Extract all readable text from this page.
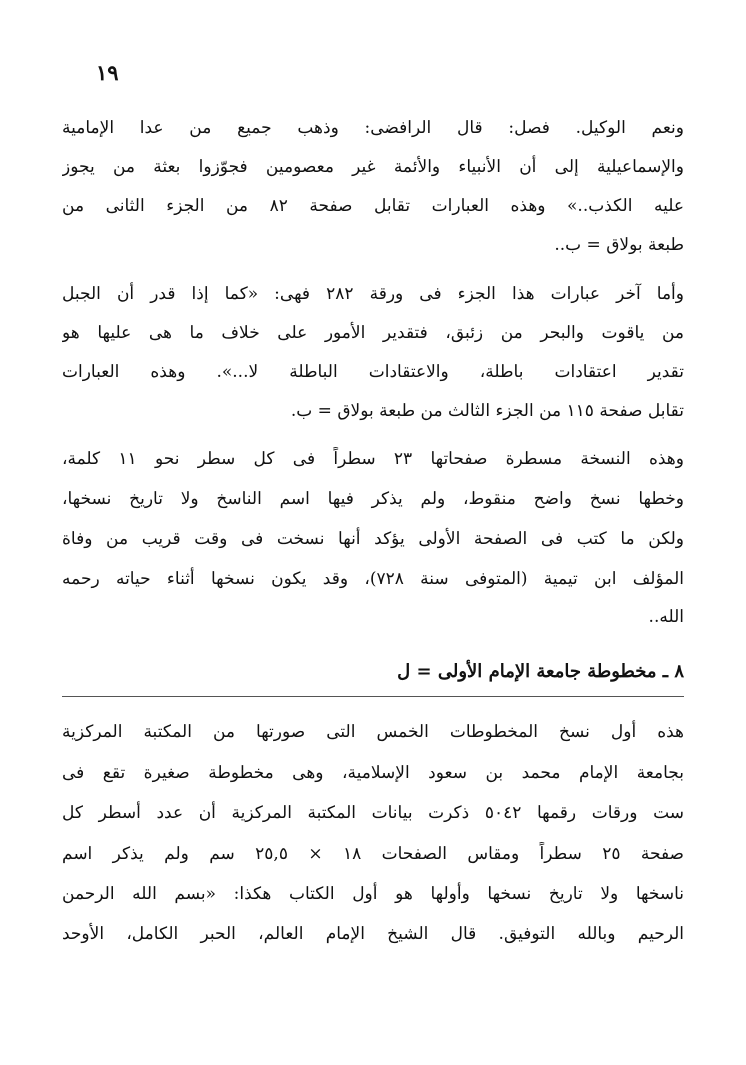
١٩
ونعم الوكيل. فصل: قال الرافضى: وذهب جميع من عدا الإمامية
والإسماعيلية إلى أن الأنبياء والأئمة غير معصومين فجوّزوا بعثة من يجوز
عليه الكذب..» وهذه العبارات تقابل صفحة ٨٢ من الجزء الثانى من
طبعة بولاق = ب..
وأما آخر عبارات هذا الجزء فى ورقة ٢٨٢ فهى: «كما إذا قدر أن الجبل
من ياقوت والبحر من زئبق، فتقدير الأمور على خلاف ما هى عليها هو
تقدير اعتقادات باطلة، والاعتقادات الباطلة لا...». وهذه العبارات
تقابل صفحة ١١٥ من الجزء الثالث من طبعة بولاق = ب.
وهذه النسخة مسطرة صفحاتها ٢٣ سطراً فى كل سطر نحو ١١ كلمة،
وخطها نسخ واضح منقوط، ولم يذكر فيها اسم الناسخ ولا تاريخ نسخها،
ولكن ما كتب فى الصفحة الأولى يؤكد أنها نسخت فى وقت قريب من وفاة
المؤلف ابن تيمية (المتوفى سنة ٧٢٨)، وقد يكون نسخها أثناء حياته رحمه
الله..
٨ ـ مخطوطة جامعة الإمام الأولى = ل
هذه أول نسخ المخطوطات الخمس التى صورتها من المكتبة المركزية
بجامعة الإمام محمد بن سعود الإسلامية، وهى مخطوطة صغيرة تقع فى
ست ورقات رقمها ٥٠٤٢ ذكرت بيانات المكتبة المركزية أن عدد أسطر كل
صفحة ٢٥ سطراً ومقاس الصفحات ١٨ × ٢٥,٥ سم ولم يذكر اسم
ناسخها ولا تاريخ نسخها وأولها هو أول الكتاب هكذا: «بسم الله الرحمن
الرحيم وبالله التوفيق. قال الشيخ الإمام العالم، الحبر الكامل، الأوحد
